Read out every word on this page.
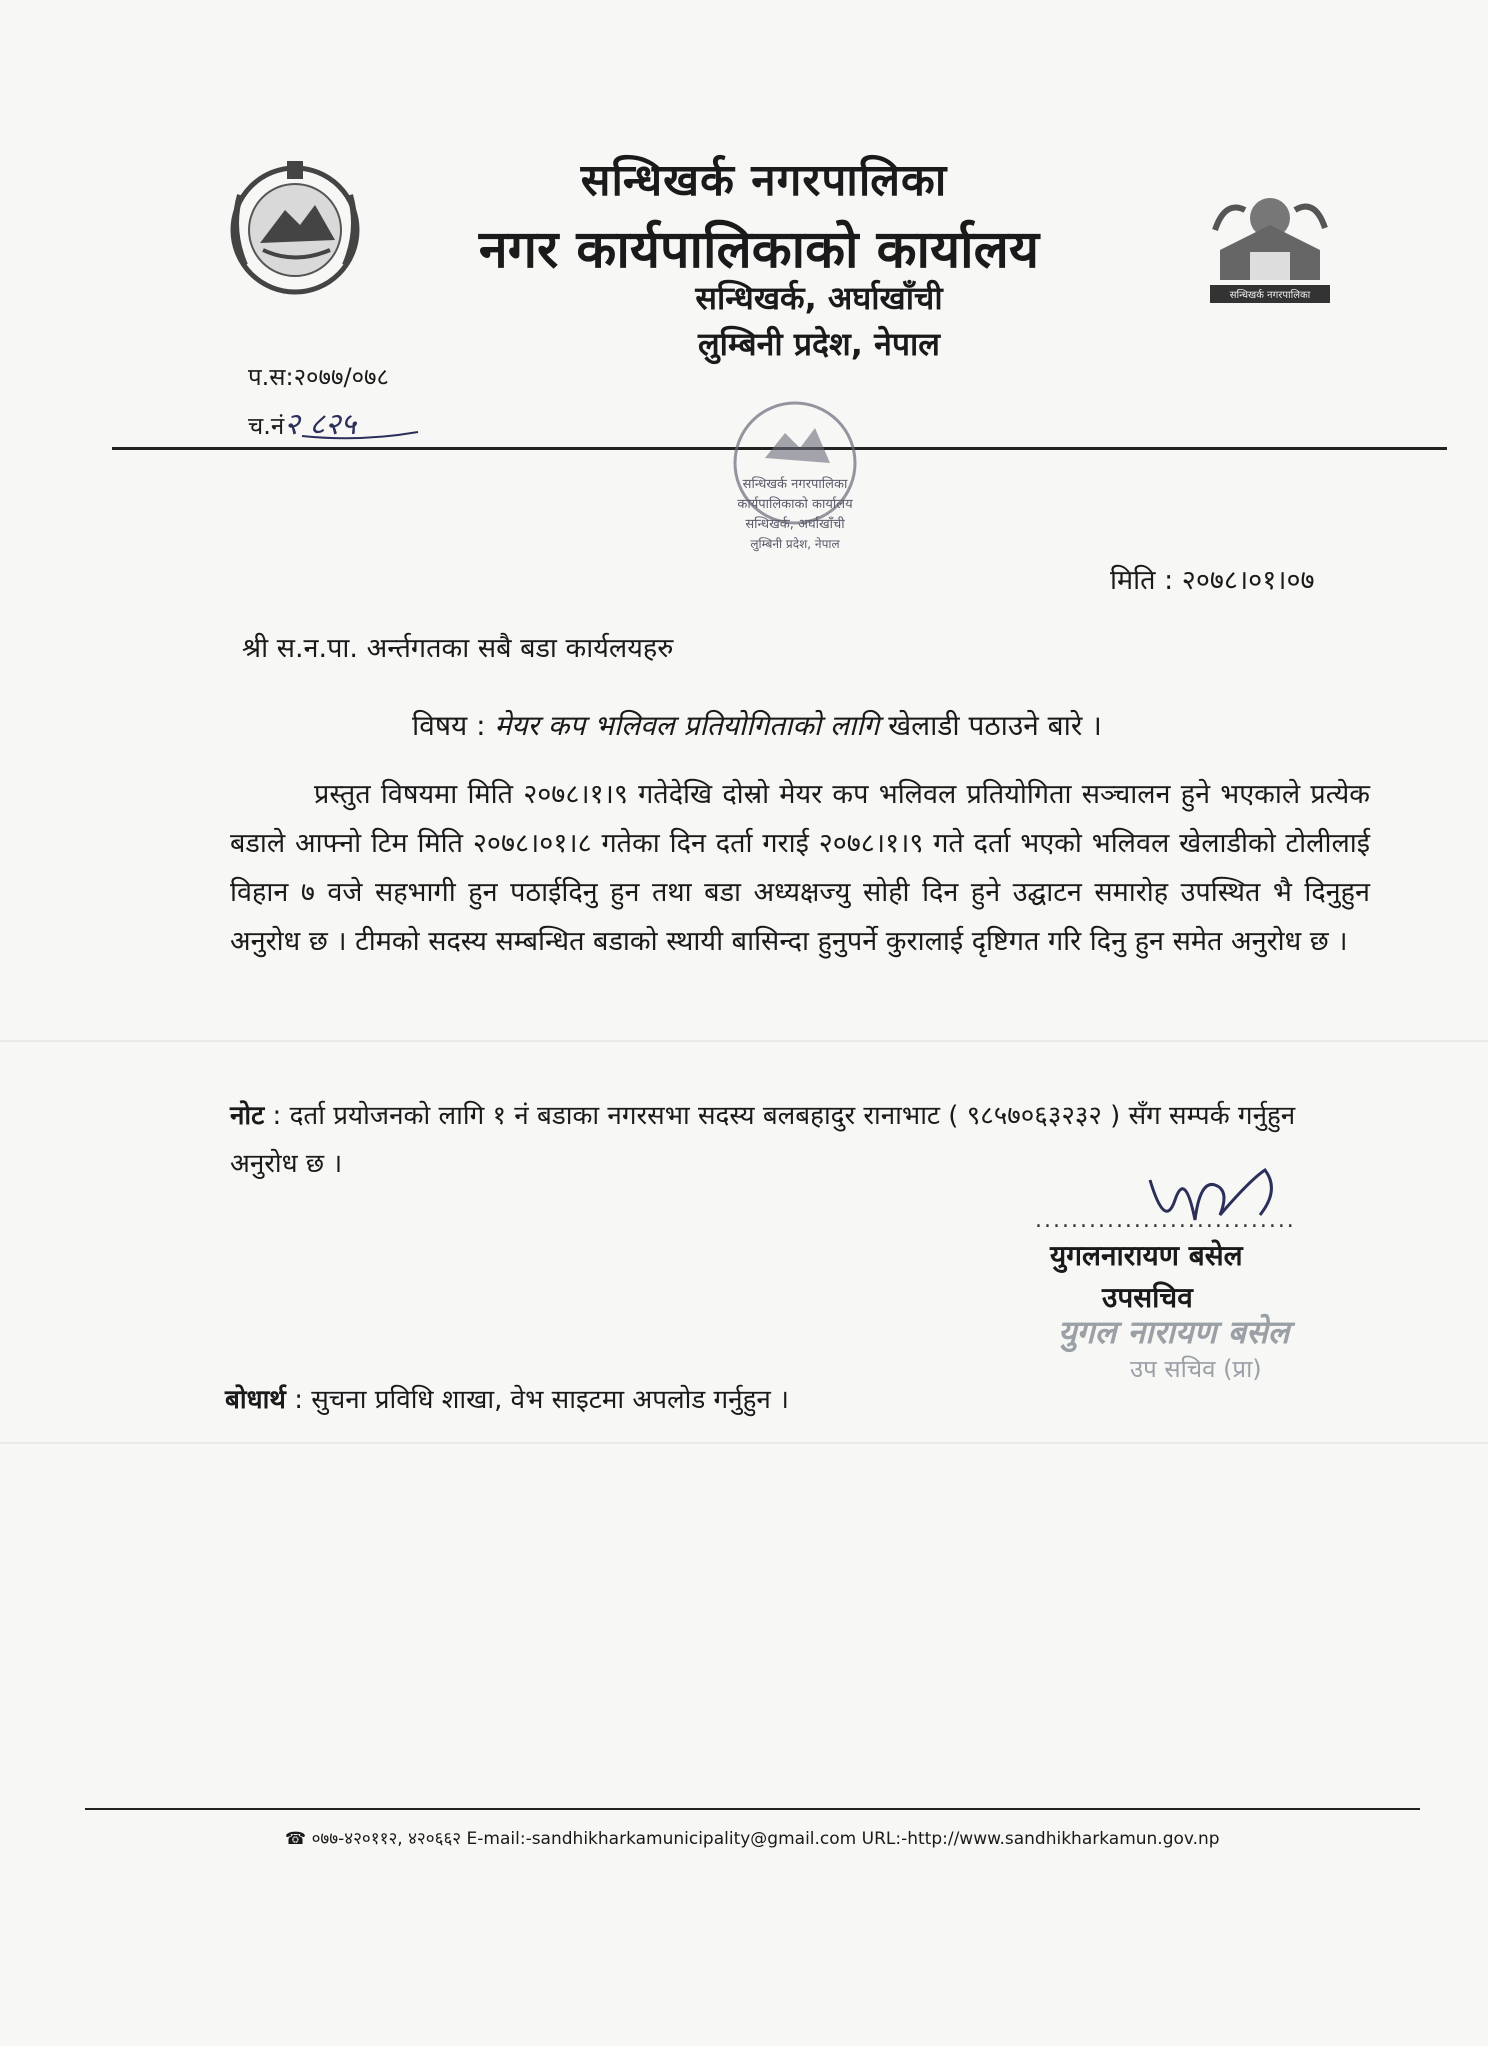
सन्धिखर्क नगरपालिका
सन्धिखर्क नगरपालिका
नगर कार्यपालिकाको कार्यालय
सन्धिखर्क, अर्घाखाँची
लुम्बिनी प्रदेश, नेपाल
प.स:२०७७/०७८
च.नं२ ८२५
सन्धिखर्क नगरपालिका
कार्यपालिकाको कार्यालय
सन्धिखर्क, अर्घाखाँची
लुम्बिनी प्रदेश, नेपाल
मिति : २०७८।०१।०७
श्री स.न.पा. अर्न्तगतका सबै बडा कार्यलयहरु
विषय : मेयर कप भलिवल प्रतियोगिताको लागि खेलाडी पठाउने बारे ।
प्रस्तुत विषयमा मिति २०७८।१।९ गतेदेखि दोस्रो मेयर कप भलिवल प्रतियोगिता सञ्चालन हुने भएकाले प्रत्येक बडाले आफ्नो टिम मिति २०७८।०१।८ गतेका दिन दर्ता गराई २०७८।१।९ गते दर्ता भएको भलिवल खेलाडीको टोलीलाई विहान ७ वजे सहभागी हुन पठाईदिनु हुन तथा बडा अध्यक्षज्यु सोही दिन हुने उद्घाटन समारोह उपस्थित भै दिनुहुन अनुरोध छ । टीमको सदस्य सम्बन्धित बडाको स्थायी बासिन्दा हुनुपर्ने कुरालाई दृष्टिगत गरि दिनु हुन समेत अनुरोध छ ।
नोट : दर्ता प्रयोजनको लागि १ नं बडाका नगरसभा सदस्य बलबहादुर रानाभाट ( ९८५७०६३२३२ ) सँग सम्पर्क गर्नुहुन अनुरोध छ ।
.............................
युगलनारायण बसेल
उपसचिव
युगल नारायण बसेल
उप सचिव (प्रा)
बोधार्थ : सुचना प्रविधि शाखा, वेभ साइटमा अपलोड गर्नुहुन ।
☎ ०७७-४२०११२, ४२०६६२ E-mail:-sandhikharkamunicipality@gmail.com URL:-http://www.sandhikharkamun.gov.np
